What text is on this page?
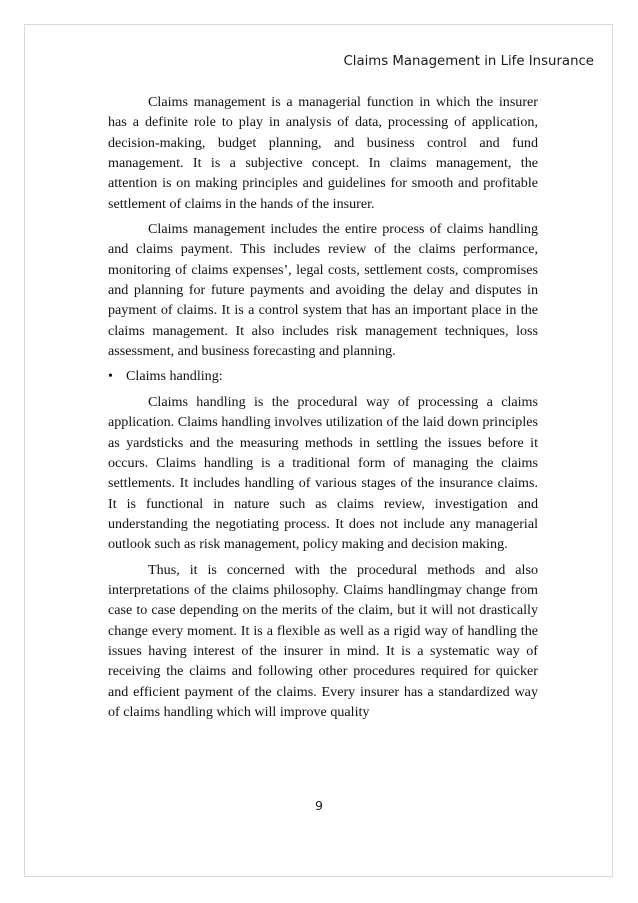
Claims Management in Life Insurance

Claims management is a managerial function in which the insurer has a definite role to play in analysis of data, processing of application, decision-making, budget planning, and business control and fund management. It is a subjective concept. In claims management, the attention is on making principles and guidelines for smooth and profitable settlement of claims in the hands of the insurer.

Claims management includes the entire process of claims handling and claims payment. This includes review of the claims performance, monitoring of claims expenses’, legal costs, settlement costs, compromises and planning for future payments and avoiding the delay and disputes in payment of claims. It is a control system that has an important place in the claims management. It also includes risk management techniques, loss assessment, and business forecasting and planning.

• Claims handling:

Claims handling is the procedural way of processing a claims application. Claims handling involves utilization of the laid down principles as yardsticks and the measuring methods in settling the issues before it occurs. Claims handling is a traditional form of managing the claims settlements. It includes handling of various stages of the insurance claims. It is functional in nature such as claims review, investigation and understanding the negotiating process. It does not include any managerial outlook such as risk management, policy making and decision making.

Thus, it is concerned with the procedural methods and also interpretations of the claims philosophy. Claims handlingmay change from case to case depending on the merits of the claim, but it will not drastically change every moment. It is a flexible as well as a rigid way of handling the issues having interest of the insurer in mind. It is a systematic way of receiving the claims and following other procedures required for quicker and efficient payment of the claims. Every insurer has a standardized way of claims handling which will improve quality

9
